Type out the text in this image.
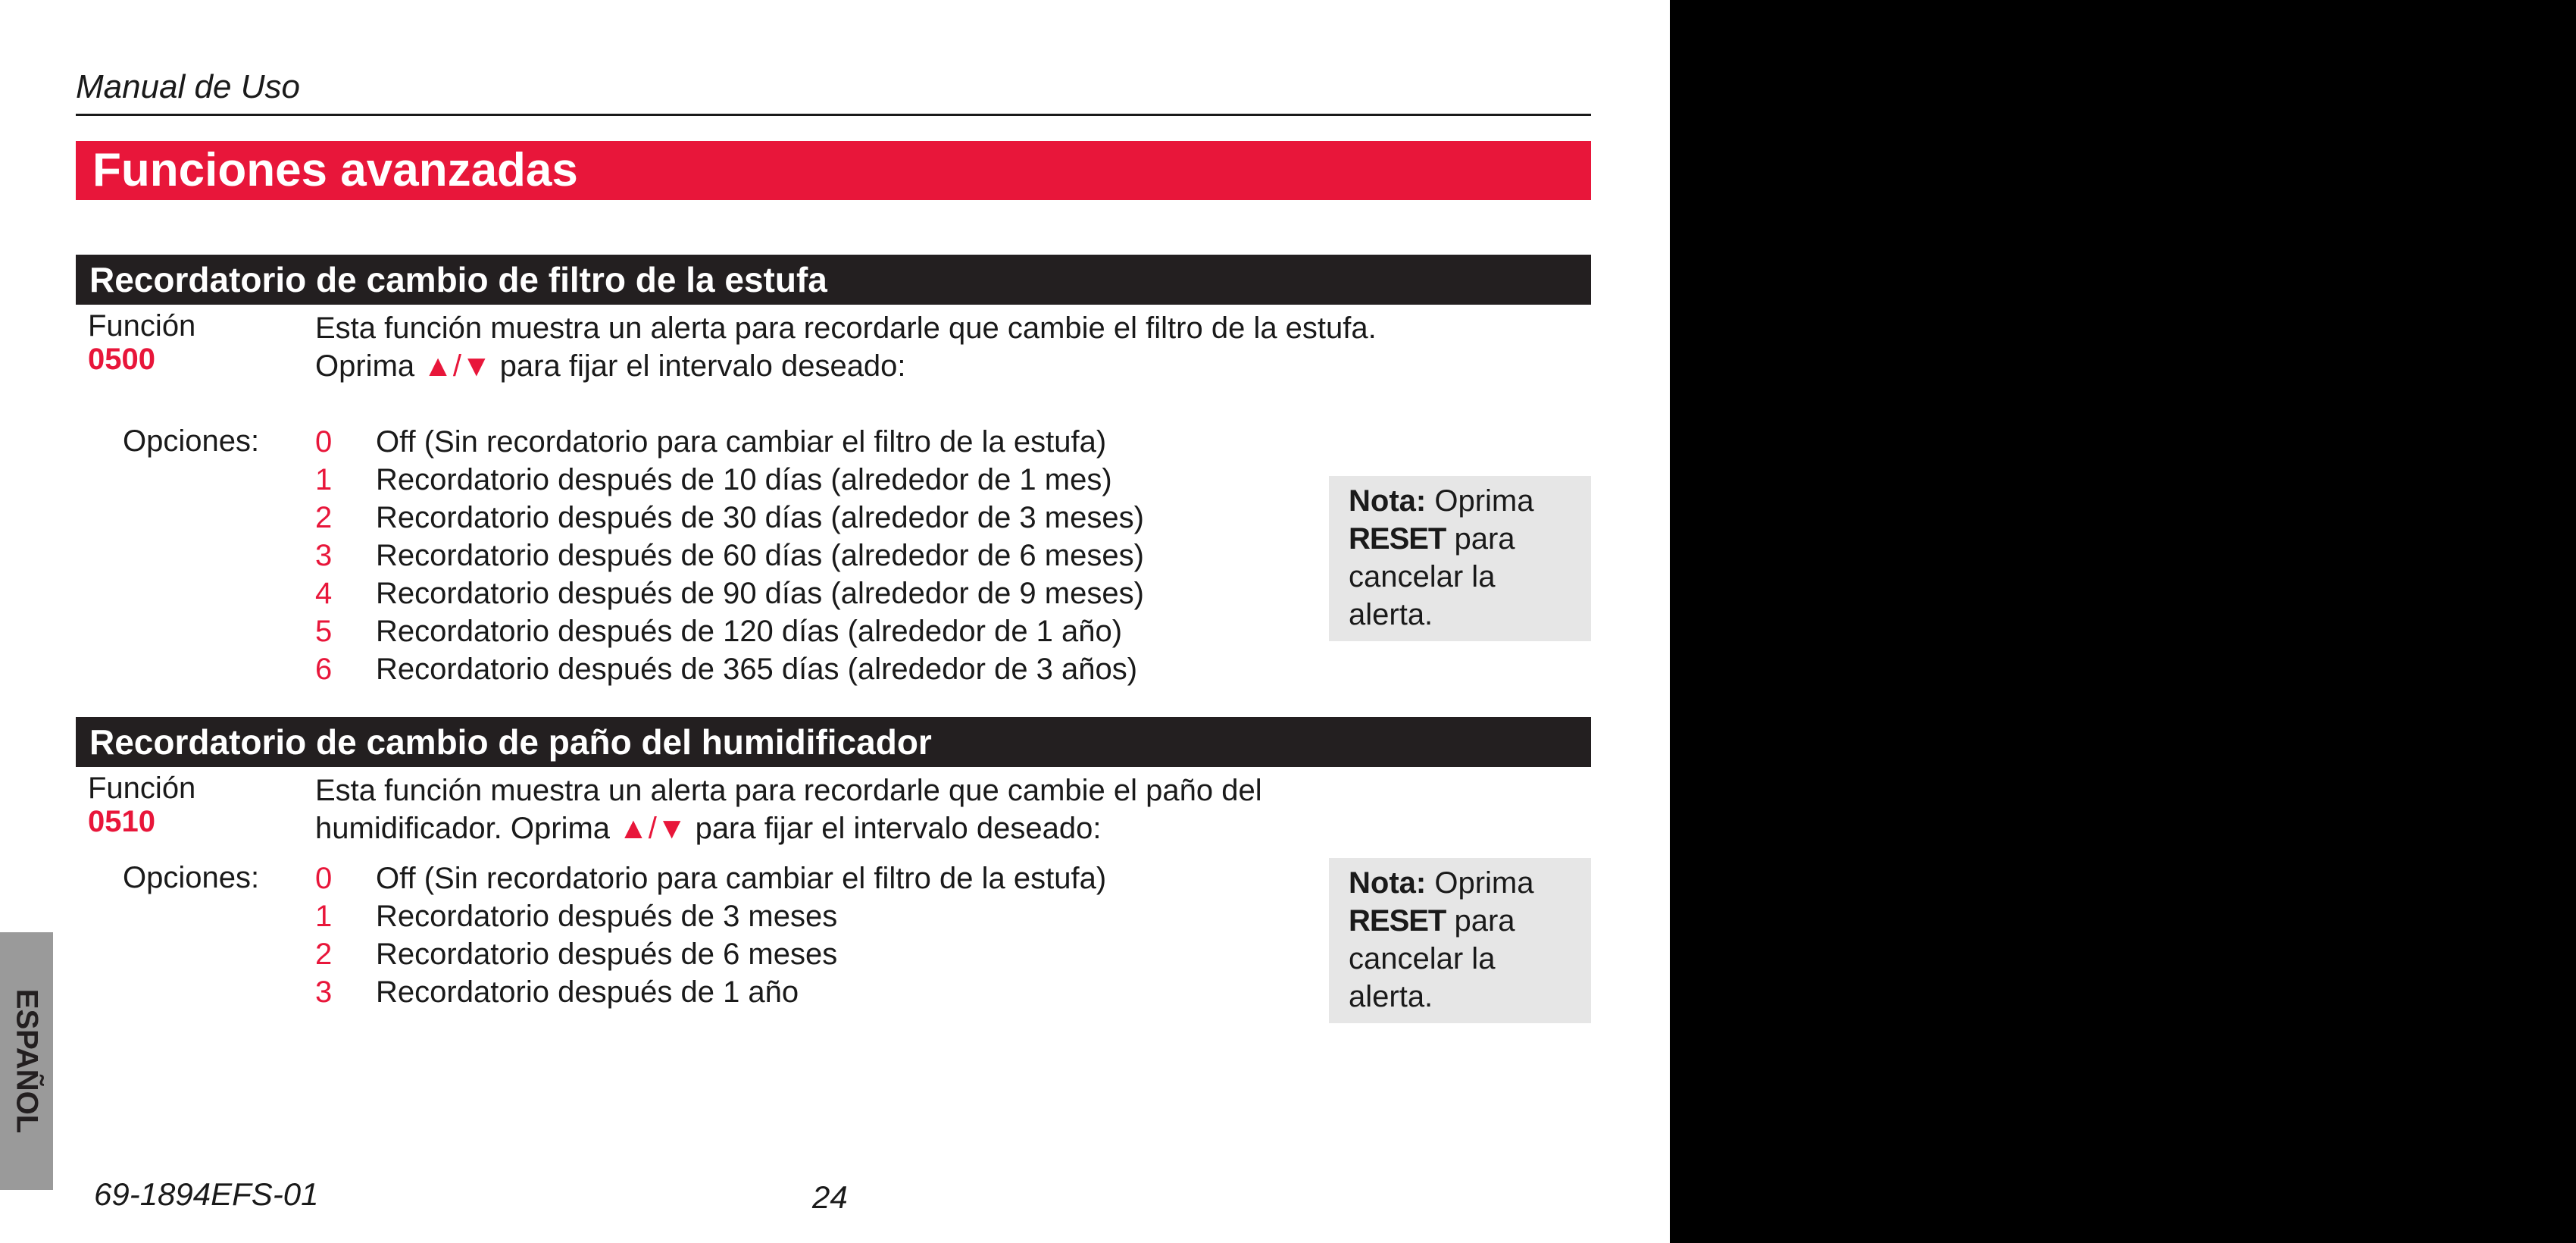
Manual de Uso
Funciones avanzadas
Recordatorio de cambio de filtro de la estufa
Función
0500
Esta función muestra un alerta para recordarle que cambie el filtro de la estufa.
Oprima ▲/▼ para fijar el intervalo deseado:
Opciones: 0 Off (Sin recordatorio para cambiar el filtro de la estufa)
1 Recordatorio después de 10 días (alrededor de 1 mes)
2 Recordatorio después de 30 días (alrededor de 3 meses)
3 Recordatorio después de 60 días (alrededor de 6 meses)
4 Recordatorio después de 90 días (alrededor de 9 meses)
5 Recordatorio después de 120 días (alrededor de 1 año)
6 Recordatorio después de 365 días (alrededor de 3 años)
Nota: Oprima
RESET para cancelar la alerta.
Recordatorio de cambio de paño del humidificador
Función
0510
Esta función muestra un alerta para recordarle que cambie el paño del
humidificador. Oprima ▲/▼ para fijar el intervalo deseado:
Opciones: 0 Off (Sin recordatorio para cambiar el filtro de la estufa)
1 Recordatorio después de 3 meses
2 Recordatorio después de 6 meses
3 Recordatorio después de 1 año
Nota: Oprima
RESET para cancelar la alerta.
ESPAÑOL
69-1894EFS-01	24
